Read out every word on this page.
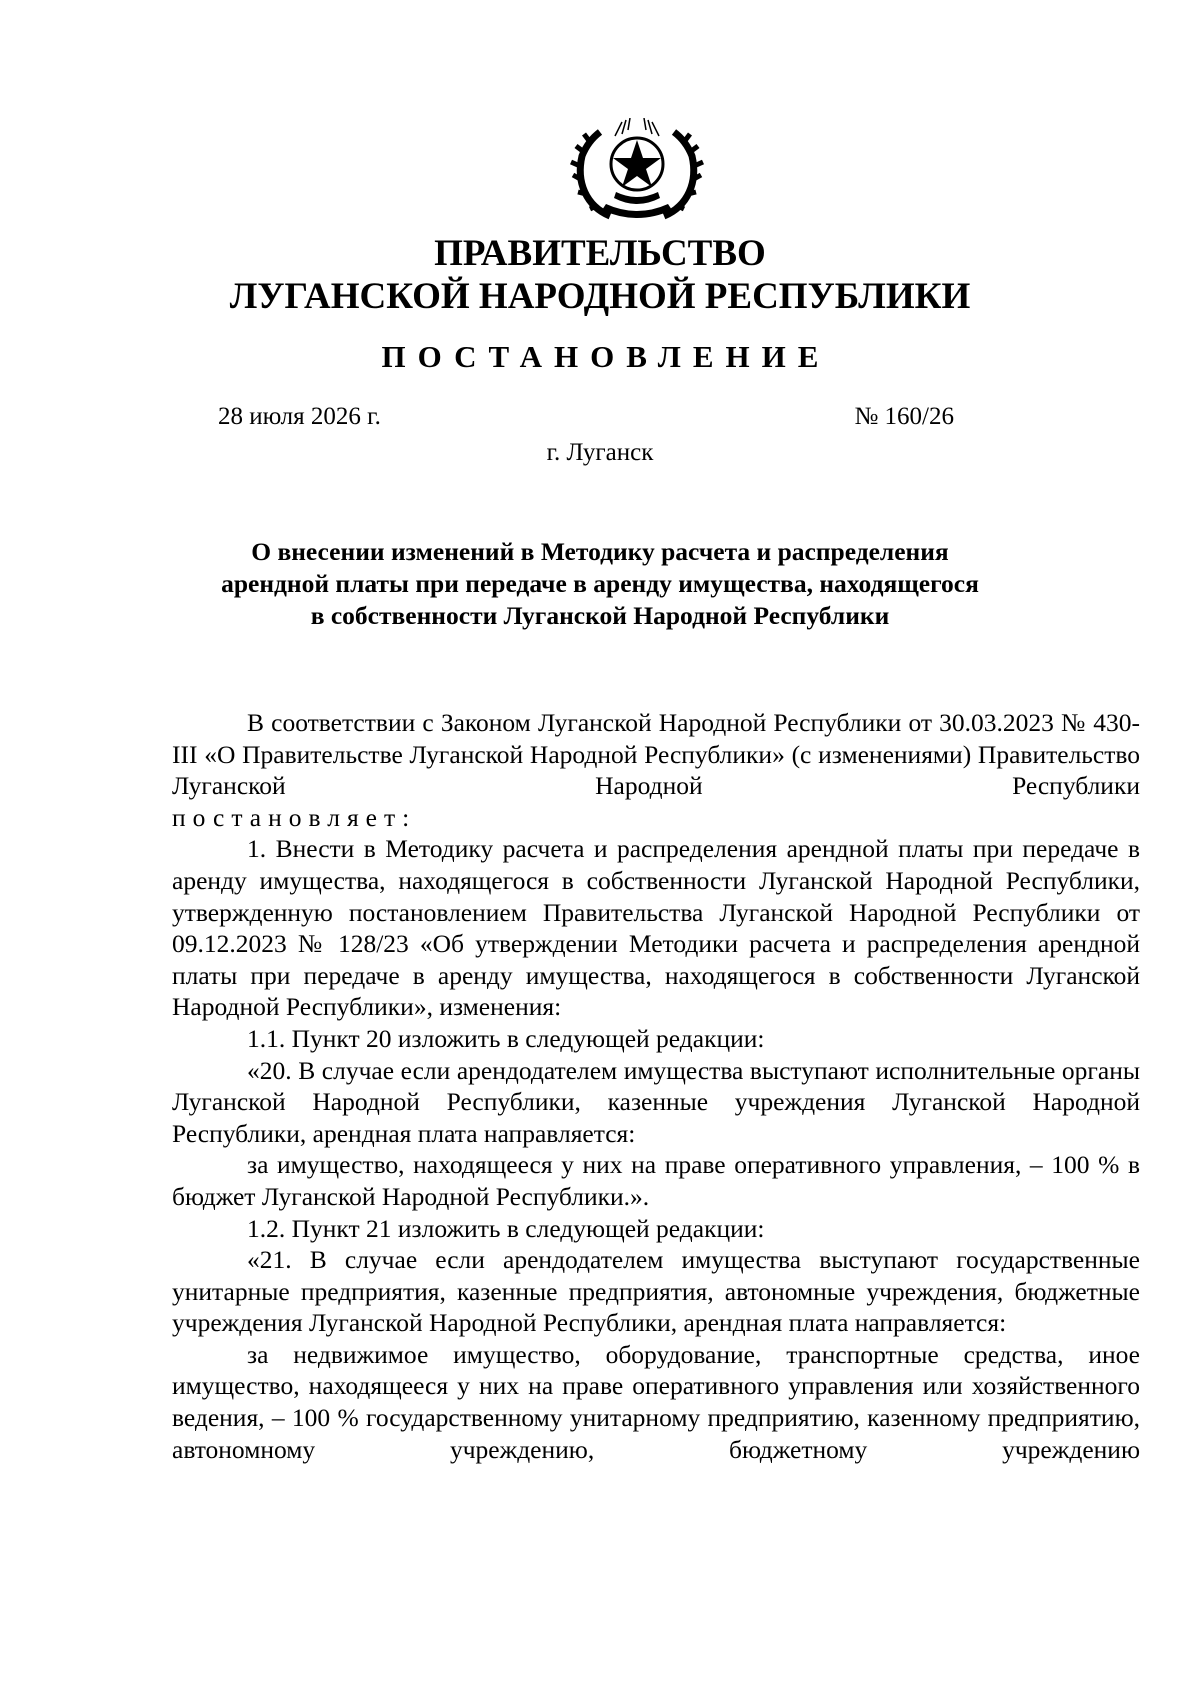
ПРАВИТЕЛЬСТВО
ЛУГАНСКОЙ НАРОДНОЙ РЕСПУБЛИКИ
ПОСТАНОВЛЕНИЕ
28 июля 2026 г.	№ 160/26
г. Луганск
О внесении изменений в Методику расчета и распределения
арендной платы при передаче в аренду имущества, находящегося
в собственности Луганской Народной Республики

В соответствии с Законом Луганской Народной Республики от 30.03.2023 № 430-III «О Правительстве Луганской Народной Республики» (с изменениями) Правительство Луганской Народной Республики

постановляет:

1. Внести в Методику расчета и распределения арендной платы при передаче в аренду имущества, находящегося в собственности Луганской Народной Республики, утвержденную постановлением Правительства Луганской Народной Республики от 09.12.2023 № 128/23 «Об утверждении Методики расчета и распределения арендной платы при передаче в аренду имущества, находящегося в собственности Луганской Народной Республики», изменения:

1.1. Пункт 20 изложить в следующей редакции:

«20. В случае если арендодателем имущества выступают исполнительные органы Луганской Народной Республики, казенные учреждения Луганской Народной Республики, арендная плата направляется:

за имущество, находящееся у них на праве оперативного управления, – 100 % в бюджет Луганской Народной Республики.».

1.2. Пункт 21 изложить в следующей редакции:

«21. В случае если арендодателем имущества выступают государственные унитарные предприятия, казенные предприятия, автономные учреждения, бюджетные учреждения Луганской Народной Республики, арендная плата направляется:

за недвижимое имущество, оборудование, транспортные средства, иное имущество, находящееся у них на праве оперативного управления или хозяйственного ведения, – 100 % государственному унитарному предприятию, казенному предприятию, автономному учреждению, бюджетному учреждению
